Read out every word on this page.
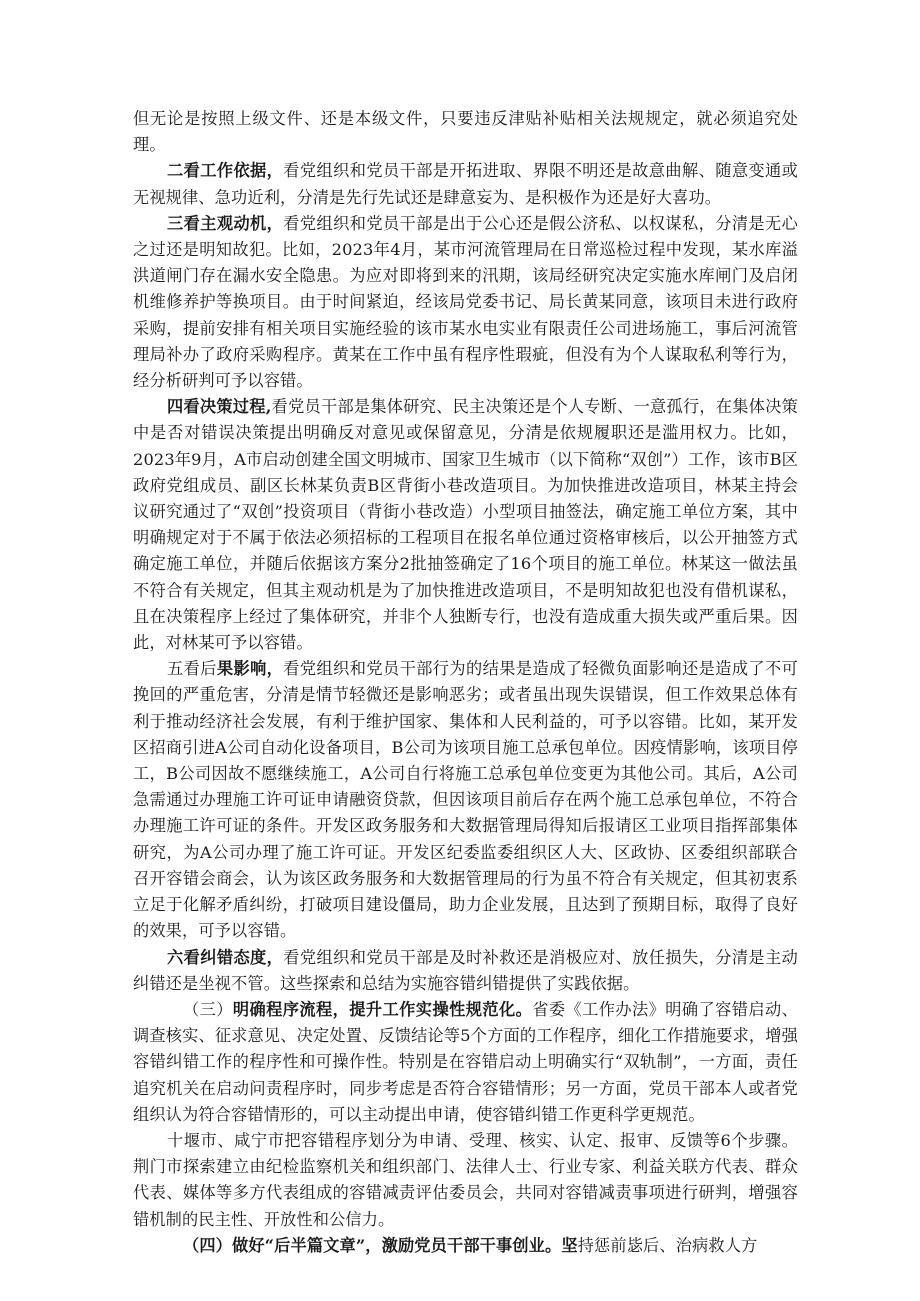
但无论是按照上级文件、还是本级文件，只要违反津贴补贴相关法规规定，就必须追究处理。

二看工作依据，看党组织和党员干部是开拓进取、界限不明还是故意曲解、随意变通或无视规律、急功近利，分清是先行先试还是肆意妄为、是积极作为还是好大喜功。

三看主观动机，看党组织和党员干部是出于公心还是假公济私、以权谋私，分清是无心之过还是明知故犯。比如，2023年4月，某市河流管理局在日常巡检过程中发现，某水库溢洪道闸门存在漏水安全隐患。为应对即将到来的汛期，该局经研究决定实施水库闸门及启闭机维修养护等换项目。由于时间紧迫，经该局党委书记、局长黄某同意，该项目未进行政府采购，提前安排有相关项目实施经验的该市某水电实业有限责任公司进场施工，事后河流管理局补办了政府采购程序。黄某在工作中虽有程序性瑕疵，但没有为个人谋取私利等行为，经分析研判可予以容错。

四看决策过程,看党员干部是集体研究、民主决策还是个人专断、一意孤行，在集体决策中是否对错误决策提出明确反对意见或保留意见，分清是依规履职还是滥用权力。比如，2023年9月，A市启动创建全国文明城市、国家卫生城市（以下简称“双创”）工作，该市B区政府党组成员、副区长林某负责B区背街小巷改造项目。为加快推进改造项目，林某主持会议研究通过了“双创”投资项目（背街小巷改造）小型项目抽签法，确定施工单位方案，其中明确规定对于不属于依法必须招标的工程项目在报名单位通过资格审核后，以公开抽签方式确定施工单位，并随后依据该方案分2批抽签确定了16个项目的施工单位。林某这一做法虽不符合有关规定，但其主观动机是为了加快推进改造项目，不是明知故犯也没有借机谋私，且在决策程序上经过了集体研究，并非个人独断专行，也没有造成重大损失或严重后果。因此，对林某可予以容错。

五看后果影响，看党组织和党员干部行为的结果是造成了轻微负面影响还是造成了不可挽回的严重危害，分清是情节轻微还是影响恶劣；或者虽出现失误错误，但工作效果总体有利于推动经济社会发展，有利于维护国家、集体和人民利益的，可予以容错。比如，某开发区招商引进A公司自动化设备项目，B公司为该项目施工总承包单位。因疫情影响，该项目停工，B公司因故不愿继续施工，A公司自行将施工总承包单位变更为其他公司。其后，A公司急需通过办理施工许可证申请融资贷款，但因该项目前后存在两个施工总承包单位，不符合办理施工许可证的条件。开发区政务服务和大数据管理局得知后报请区工业项目指挥部集体研究，为A公司办理了施工许可证。开发区纪委监委组织区人大、区政协、区委组织部联合召开容错会商会，认为该区政务服务和大数据管理局的行为虽不符合有关规定，但其初衷系立足于化解矛盾纠纷，打破项目建设僵局，助力企业发展，且达到了预期目标，取得了良好的效果，可予以容错。

六看纠错态度，看党组织和党员干部是及时补救还是消极应对、放任损失，分清是主动纠错还是坐视不管。这些探索和总结为实施容错纠错提供了实践依据。

（三）明确程序流程，提升工作实操性规范化。省委《工作办法》明确了容错启动、调查核实、征求意见、决定处置、反馈结论等5个方面的工作程序，细化工作措施要求，增强容错纠错工作的程序性和可操作性。特别是在容错启动上明确实行“双轨制”，一方面，责任追究机关在启动问责程序时，同步考虑是否符合容错情形；另一方面，党员干部本人或者党组织认为符合容错情形的，可以主动提出申请，使容错纠错工作更科学更规范。

十堰市、咸宁市把容错程序划分为申请、受理、核实、认定、报审、反馈等6个步骤。荆门市探索建立由纪检监察机关和组织部门、法律人士、行业专家、利益关联方代表、群众代表、媒体等多方代表组成的容错减责评估委员会，共同对容错减责事项进行研判，增强容错机制的民主性、开放性和公信力。

（四）做好“后半篇文章”，激励党员干部干事创业。坚持惩前毖后、治病救人方
